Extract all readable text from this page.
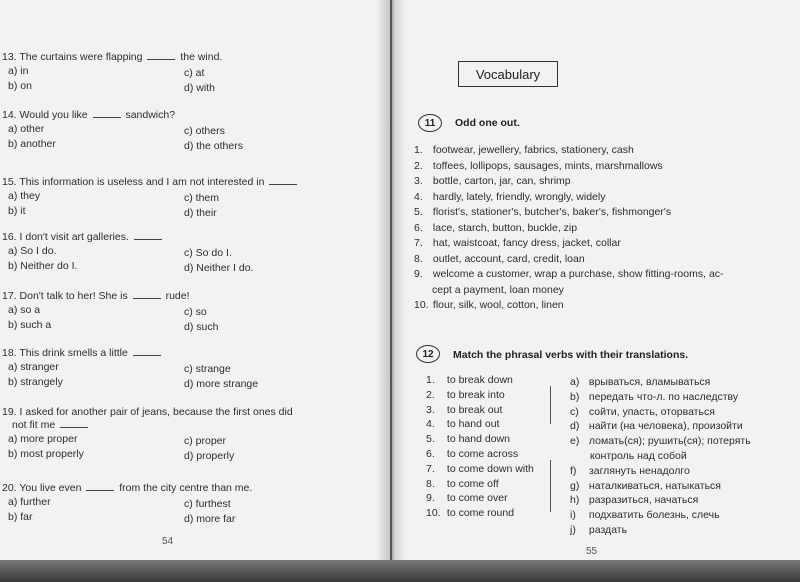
13. The curtains were flapping	the wind.
a) in
b) on
c) at
d) with
14. Would you like	sandwich?
a) other
b) another
c) others
d) the others
15. This information is useless and I am not interested in
a) they
b) it
c) them
d) their
16. I don't visit art galleries.
a) So I do.
b) Neither do I.
c) So do I.
d) Neither I do.
17. Don't talk to her! She is	rude!
a) so a
b) such a
c) so
d) such
18. This drink smells a little
a) stranger
b) strangely
c) strange
d) more strange
19. I asked for another pair of jeans, because the first ones did
not fit me
a) more proper
b) most properly
c) proper
d) properly
20. You live even	from the city centre than me.
a) further
b) far
c) furthest
d) more far
54
Vocabulary
11	Odd one out.
1. footwear, jewellery, fabrics, stationery, cash
2. toffees, lollipops, sausages, mints, marshmallows
3. bottle, carton, jar, can, shrimp
4. hardly, lately, friendly, wrongly, widely
5. florist's, stationer's, butcher's, baker's, fishmonger's
6. lace, starch, button, buckle, zip
7. hat, waistcoat, fancy dress, jacket, collar
8. outlet, account, card, credit, loan
9. welcome a customer, wrap a purchase, show fitting-rooms, ac-
cept a payment, loan money
10. flour, silk, wool, cotton, linen
12	Match the phrasal verbs with their translations.
1. to break down
2. to break into
3. to break out
4. to hand out
5. to hand down
6. to come across
7. to come down with
8. to come off
9. to come over
10. to come round
a) врываться, вламываться
b) передать что-л. по наследству
c) сойти, упасть, оторваться
d) найти (на человека), произойти
e) ломать(ся); рушить(ся); потерять
контроль над собой
f) заглянуть ненадолго
g) наталкиваться, натыкаться
h) разразиться, начаться
i) подхватить болезнь, слечь
j) раздать
55
